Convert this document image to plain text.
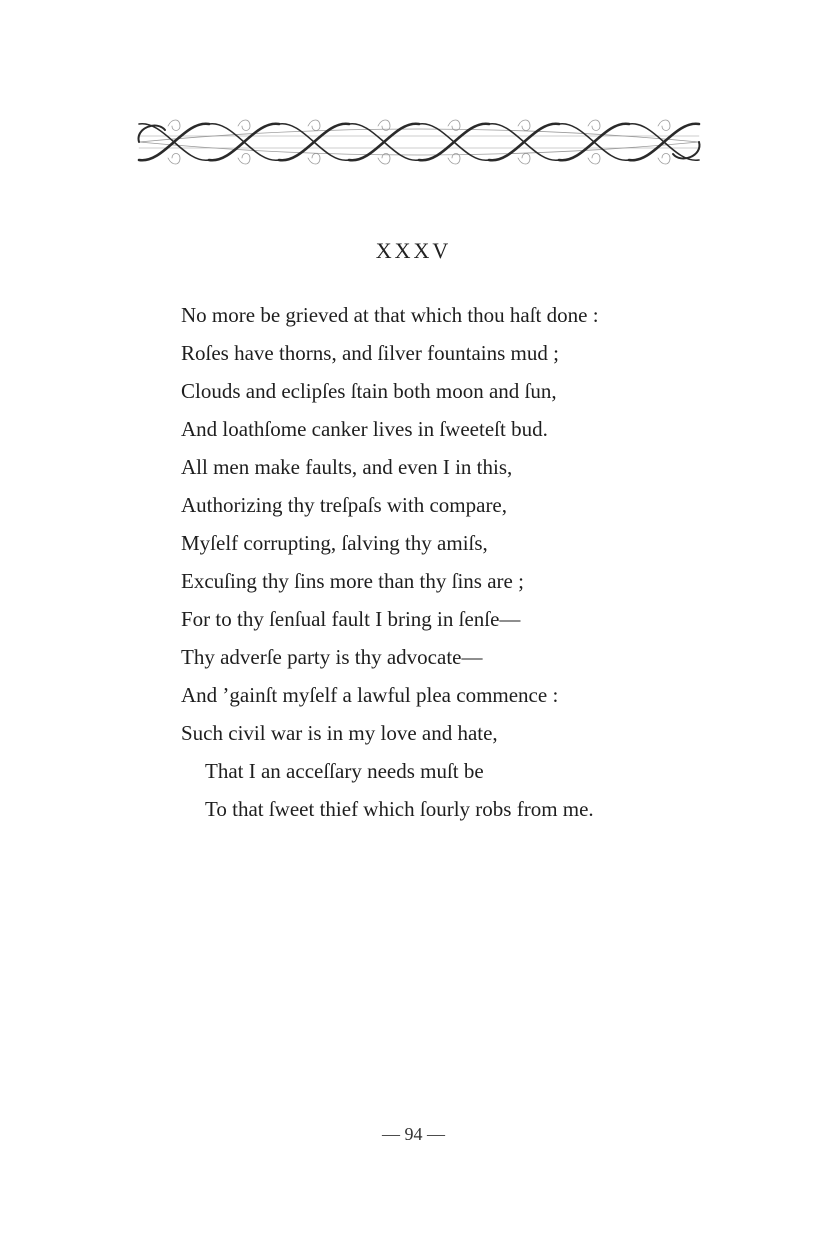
XXXV
No more be grieved at that which thou haſt done :
Roſes have thorns, and ſilver fountains mud ;
Clouds and eclipſes ſtain both moon and ſun,
And loathſome canker lives in ſweeteſt bud.
All men make faults, and even I in this,
Authorizing thy treſpaſs with compare,
Myſelf corrupting, ſalving thy amiſs,
Excuſing thy ſins more than thy ſins are ;
For to thy ſenſual fault I bring in ſenſe—
Thy adverſe party is thy advocate—
And ’gainſt myſelf a lawful plea commence :
Such civil war is in my love and hate,
That I an acceſſary needs muſt be
To that ſweet thief which ſourly robs from me.
— 94 —
